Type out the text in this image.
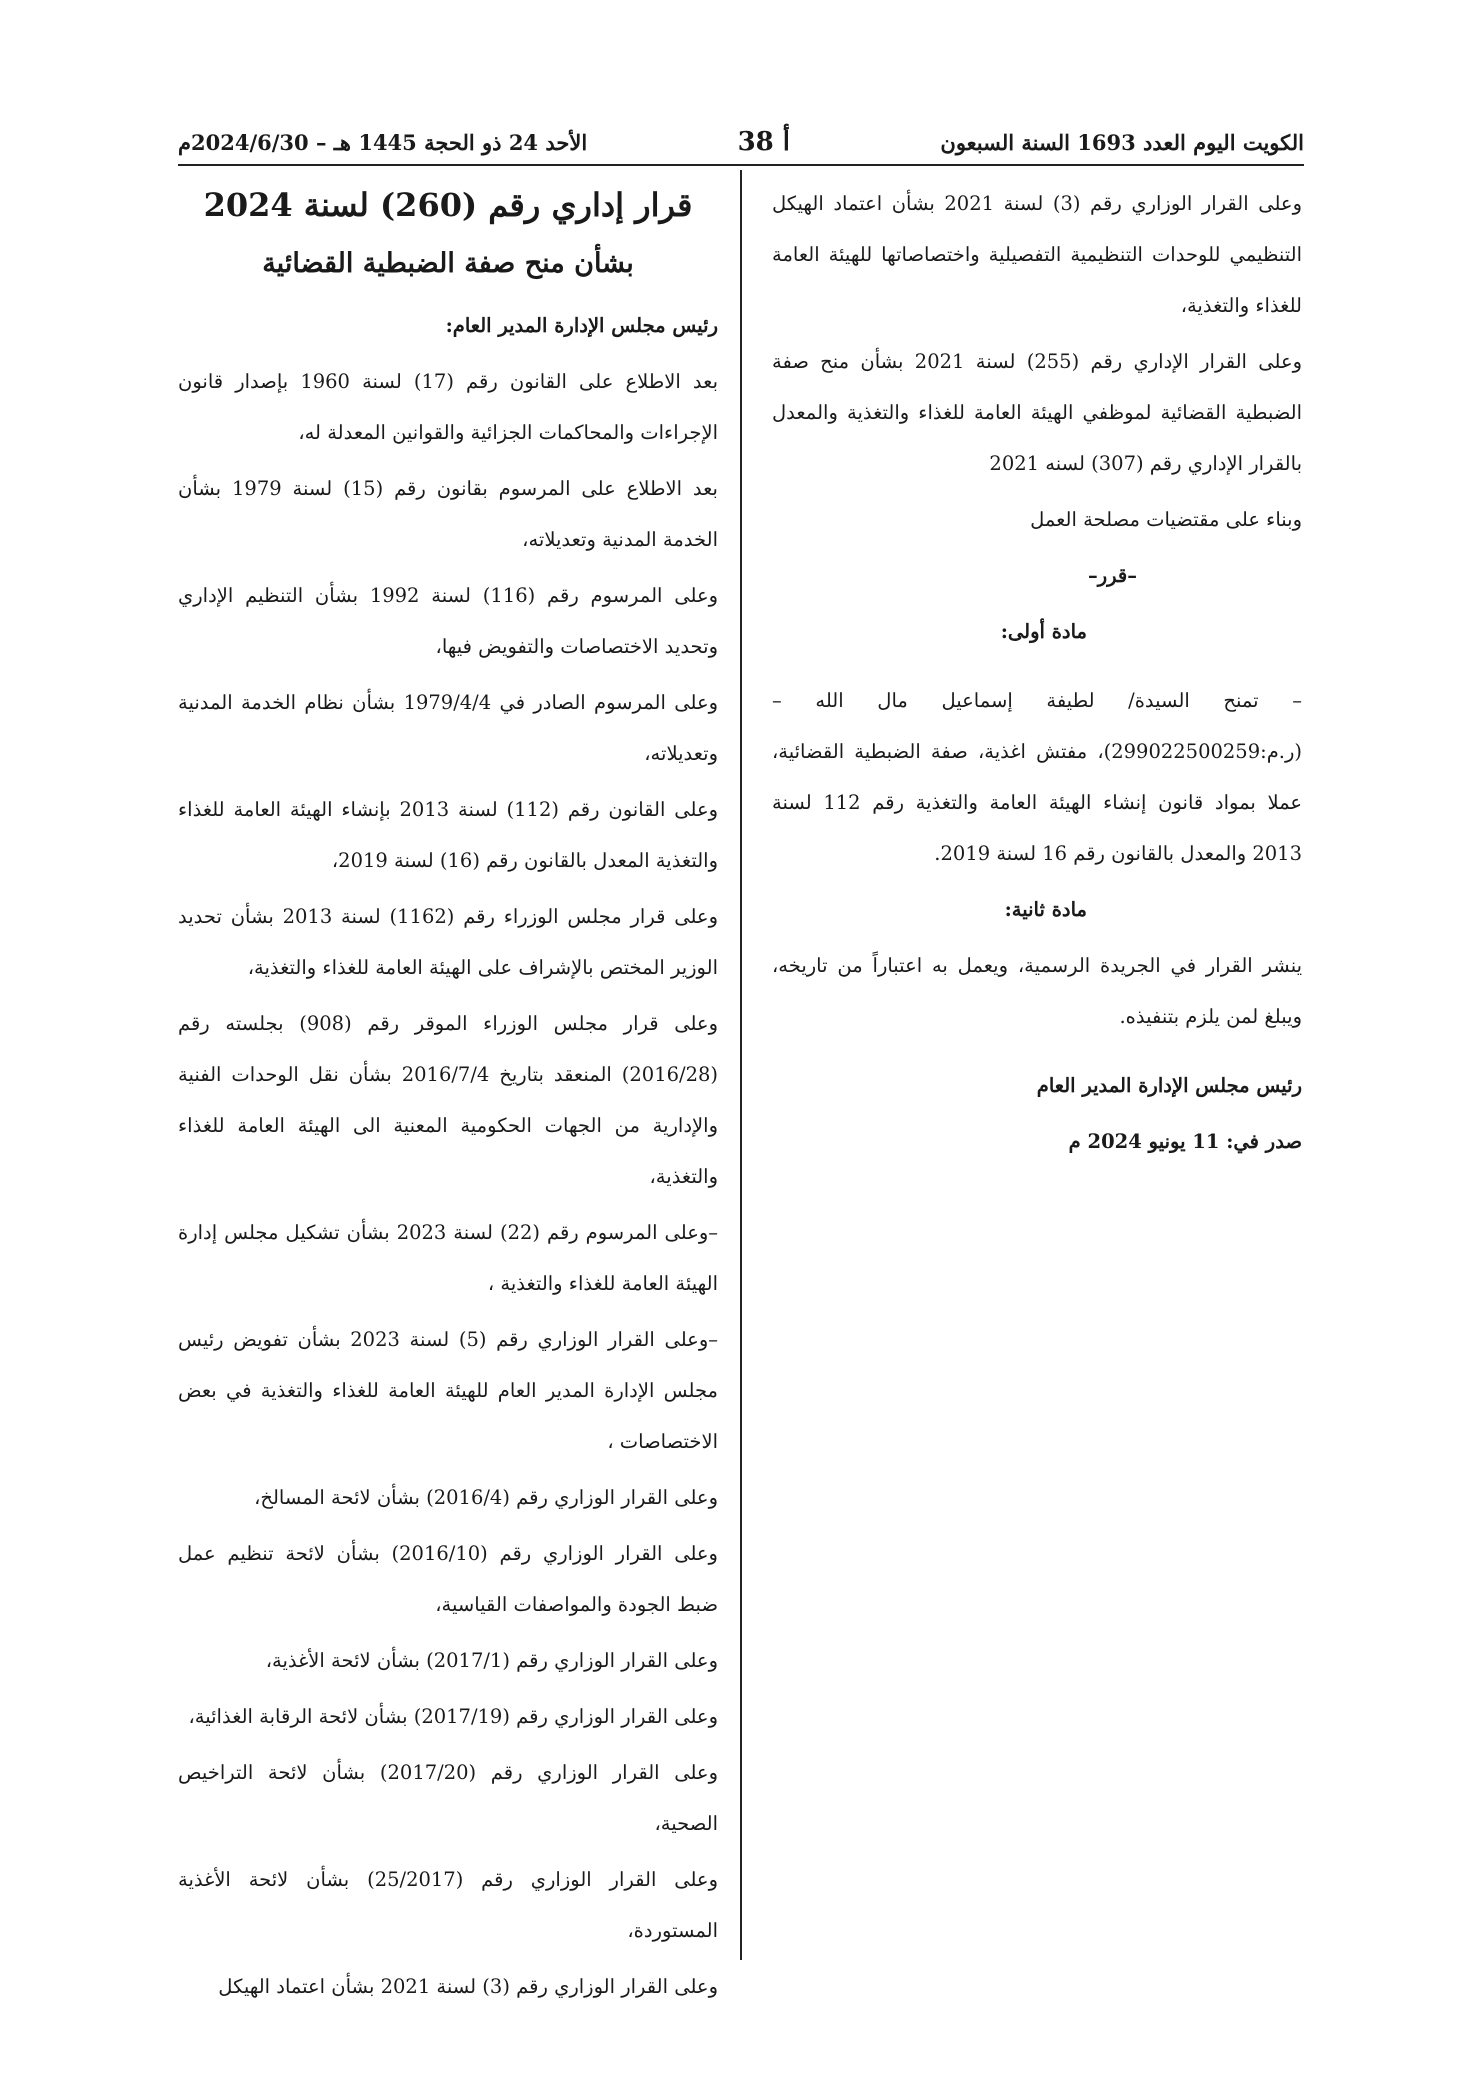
الكويت اليوم العدد 1693 السنة السبعون
أ 38
الأحد 24 ذو الحجة 1445 هـ – 2024/6/30م

وعلى القرار الوزاري رقم (3) لسنة 2021 بشأن اعتماد الهيكل التنظيمي للوحدات التنظيمية التفصيلية واختصاصاتها للهيئة العامة للغذاء والتغذية،

وعلى القرار الإداري رقم (255) لسنة 2021 بشأن منح صفة الضبطية القضائية لموظفي الهيئة العامة للغذاء والتغذية والمعدل بالقرار الإداري رقم (307) لسنه 2021

وبناء على مقتضيات مصلحة العمل

–قرر–

مادة أولى:

– تمنح السيدة/ لطيفة إسماعيل مال الله – (ر.م:299022500259)، مفتش اغذية، صفة الضبطية القضائية، عملا بمواد قانون إنشاء الهيئة العامة والتغذية رقم 112 لسنة 2013 والمعدل بالقانون رقم 16 لسنة 2019.

مادة ثانية:

ينشر القرار في الجريدة الرسمية، ويعمل به اعتباراً من تاريخه، ويبلغ لمن يلزم بتنفيذه.

رئيس مجلس الإدارة المدير العام

صدر في: 11 يونيو 2024 م

قرار إداري رقم (260) لسنة 2024
بشأن منح صفة الضبطية القضائية

رئيس مجلس الإدارة المدير العام:

بعد الاطلاع على القانون رقم (17) لسنة 1960 بإصدار قانون الإجراءات والمحاكمات الجزائية والقوانين المعدلة له،

بعد الاطلاع على المرسوم بقانون رقم (15) لسنة 1979 بشأن الخدمة المدنية وتعديلاته،

وعلى المرسوم رقم (116) لسنة 1992 بشأن التنظيم الإداري وتحديد الاختصاصات والتفويض فيها،

وعلى المرسوم الصادر في 1979/4/4 بشأن نظام الخدمة المدنية وتعديلاته،

وعلى القانون رقم (112) لسنة 2013 بإنشاء الهيئة العامة للغذاء والتغذية المعدل بالقانون رقم (16) لسنة 2019،

وعلى قرار مجلس الوزراء رقم (1162) لسنة 2013 بشأن تحديد الوزير المختص بالإشراف على الهيئة العامة للغذاء والتغذية،

وعلى قرار مجلس الوزراء الموقر رقم (908) بجلسته رقم (2016/28) المنعقد بتاريخ 2016/7/4 بشأن نقل الوحدات الفنية والإدارية من الجهات الحكومية المعنية الى الهيئة العامة للغذاء والتغذية،

–وعلى المرسوم رقم (22) لسنة 2023 بشأن تشكيل مجلس إدارة الهيئة العامة للغذاء والتغذية ،

–وعلى القرار الوزاري رقم (5) لسنة 2023 بشأن تفويض رئيس مجلس الإدارة المدير العام للهيئة العامة للغذاء والتغذية في بعض الاختصاصات ،

وعلى القرار الوزاري رقم (2016/4) بشأن لائحة المسالخ،

وعلى القرار الوزاري رقم (2016/10) بشأن لائحة تنظيم عمل ضبط الجودة والمواصفات القياسية،

وعلى القرار الوزاري رقم (2017/1) بشأن لائحة الأغذية،

وعلى القرار الوزاري رقم (2017/19) بشأن لائحة الرقابة الغذائية،

وعلى القرار الوزاري رقم (2017/20) بشأن لائحة التراخيص الصحية،

وعلى القرار الوزاري رقم (25/2017) بشأن لائحة الأغذية المستوردة،

وعلى القرار الوزاري رقم (3) لسنة 2021 بشأن اعتماد الهيكل
